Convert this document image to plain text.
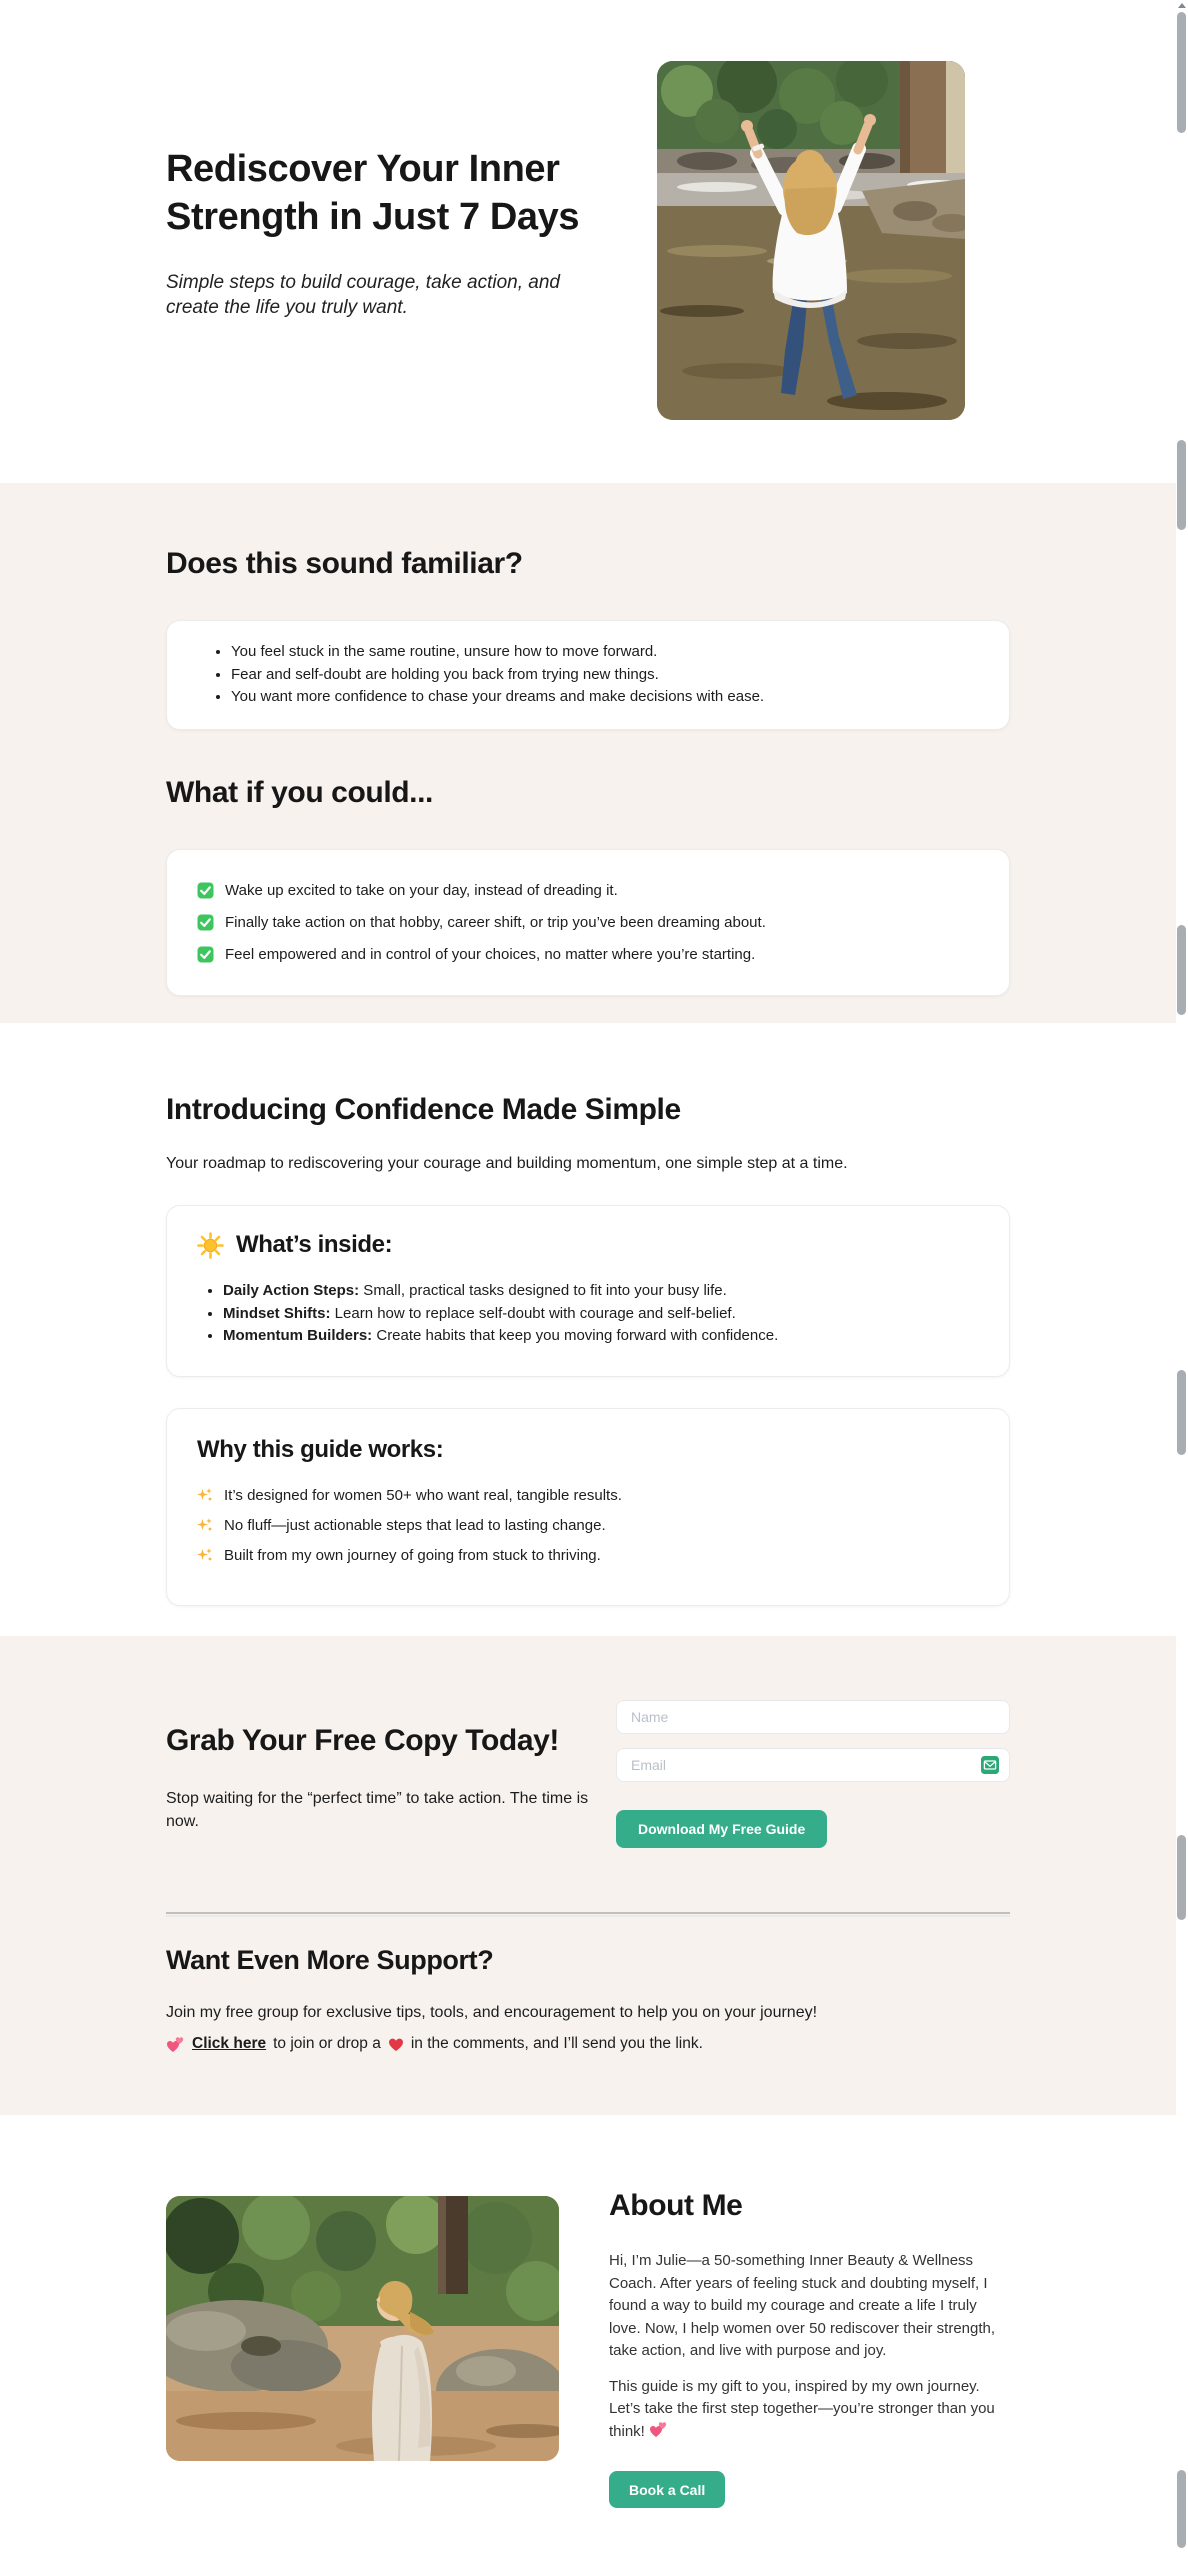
Rediscover Your Inner Strength in Just 7 Days

Simple steps to build courage, take action, and create the life you truly want.

Does this sound familiar?
• You feel stuck in the same routine, unsure how to move forward.
• Fear and self-doubt are holding you back from trying new things.
• You want more confidence to chase your dreams and make decisions with ease.
What if you could...
Wake up excited to take on your day, instead of dreading it.
Finally take action on that hobby, career shift, or trip you’ve been dreaming about.
Feel empowered and in control of your choices, no matter where you’re starting.
Introducing Confidence Made Simple

Your roadmap to rediscovering your courage and building momentum, one simple step at a time.

What’s inside:
• Daily Action Steps: Small, practical tasks designed to fit into your busy life.
• Mindset Shifts: Learn how to replace self-doubt with courage and self-belief.
• Momentum Builders: Create habits that keep you moving forward with confidence.
Why this guide works:
It’s designed for women 50+ who want real, tangible results.
No fluff—just actionable steps that lead to lasting change.
Built from my own journey of going from stuck to thriving.
Grab Your Free Copy Today!

Stop waiting for the “perfect time” to take action. The time is now.

Name
Email	Download My Free Guide
Want Even More Support?

Join my free group for exclusive tips, tools, and encouragement to help you on your journey!

Click here to join or drop a in the comments, and I’ll send you the link.
About Me

Hi, I’m Julie—a 50-something Inner Beauty & Wellness Coach. After years of feeling stuck and doubting myself, I found a way to build my courage and create a life I truly love. Now, I help women over 50 rediscover their strength, take action, and live with purpose and joy.

This guide is my gift to you, inspired by my own journey. Let’s take the first step together—you’re stronger than you think!

Book a Call
